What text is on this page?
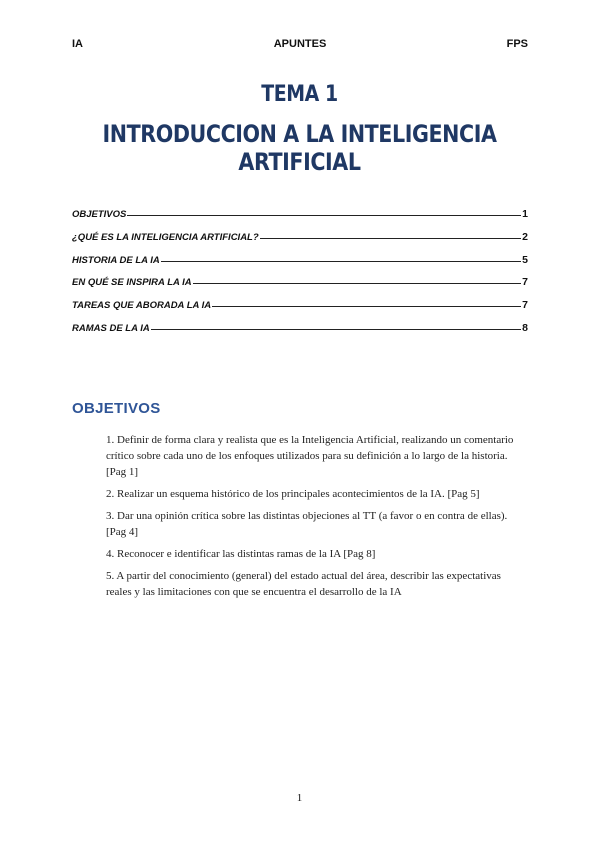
IA	APUNTES	FPS
TEMA 1
INTRODUCCION A LA INTELIGENCIA ARTIFICIAL
OBJETIVOS	1
¿QUÉ ES LA INTELIGENCIA ARTIFICIAL?	2
HISTORIA DE LA IA	5
EN QUÉ SE INSPIRA LA IA	7
TAREAS QUE ABORADA LA IA	7
RAMAS DE LA IA	8
OBJETIVOS
1. Definir de forma clara y realista que es la Inteligencia Artificial, realizando un comentario crítico sobre cada uno de los enfoques utilizados para su definición a lo largo de la historia. [Pag 1]
2. Realizar un esquema histórico de los principales acontecimientos de la IA. [Pag 5]
3. Dar una opinión crítica sobre las distintas objeciones al TT (a favor o en contra de ellas). [Pag 4]
4. Reconocer e identificar las distintas ramas de la IA [Pag 8]
5. A partir del conocimiento (general) del estado actual del área, describir las expectativas reales y las limitaciones con que se encuentra el desarrollo de la IA
1
